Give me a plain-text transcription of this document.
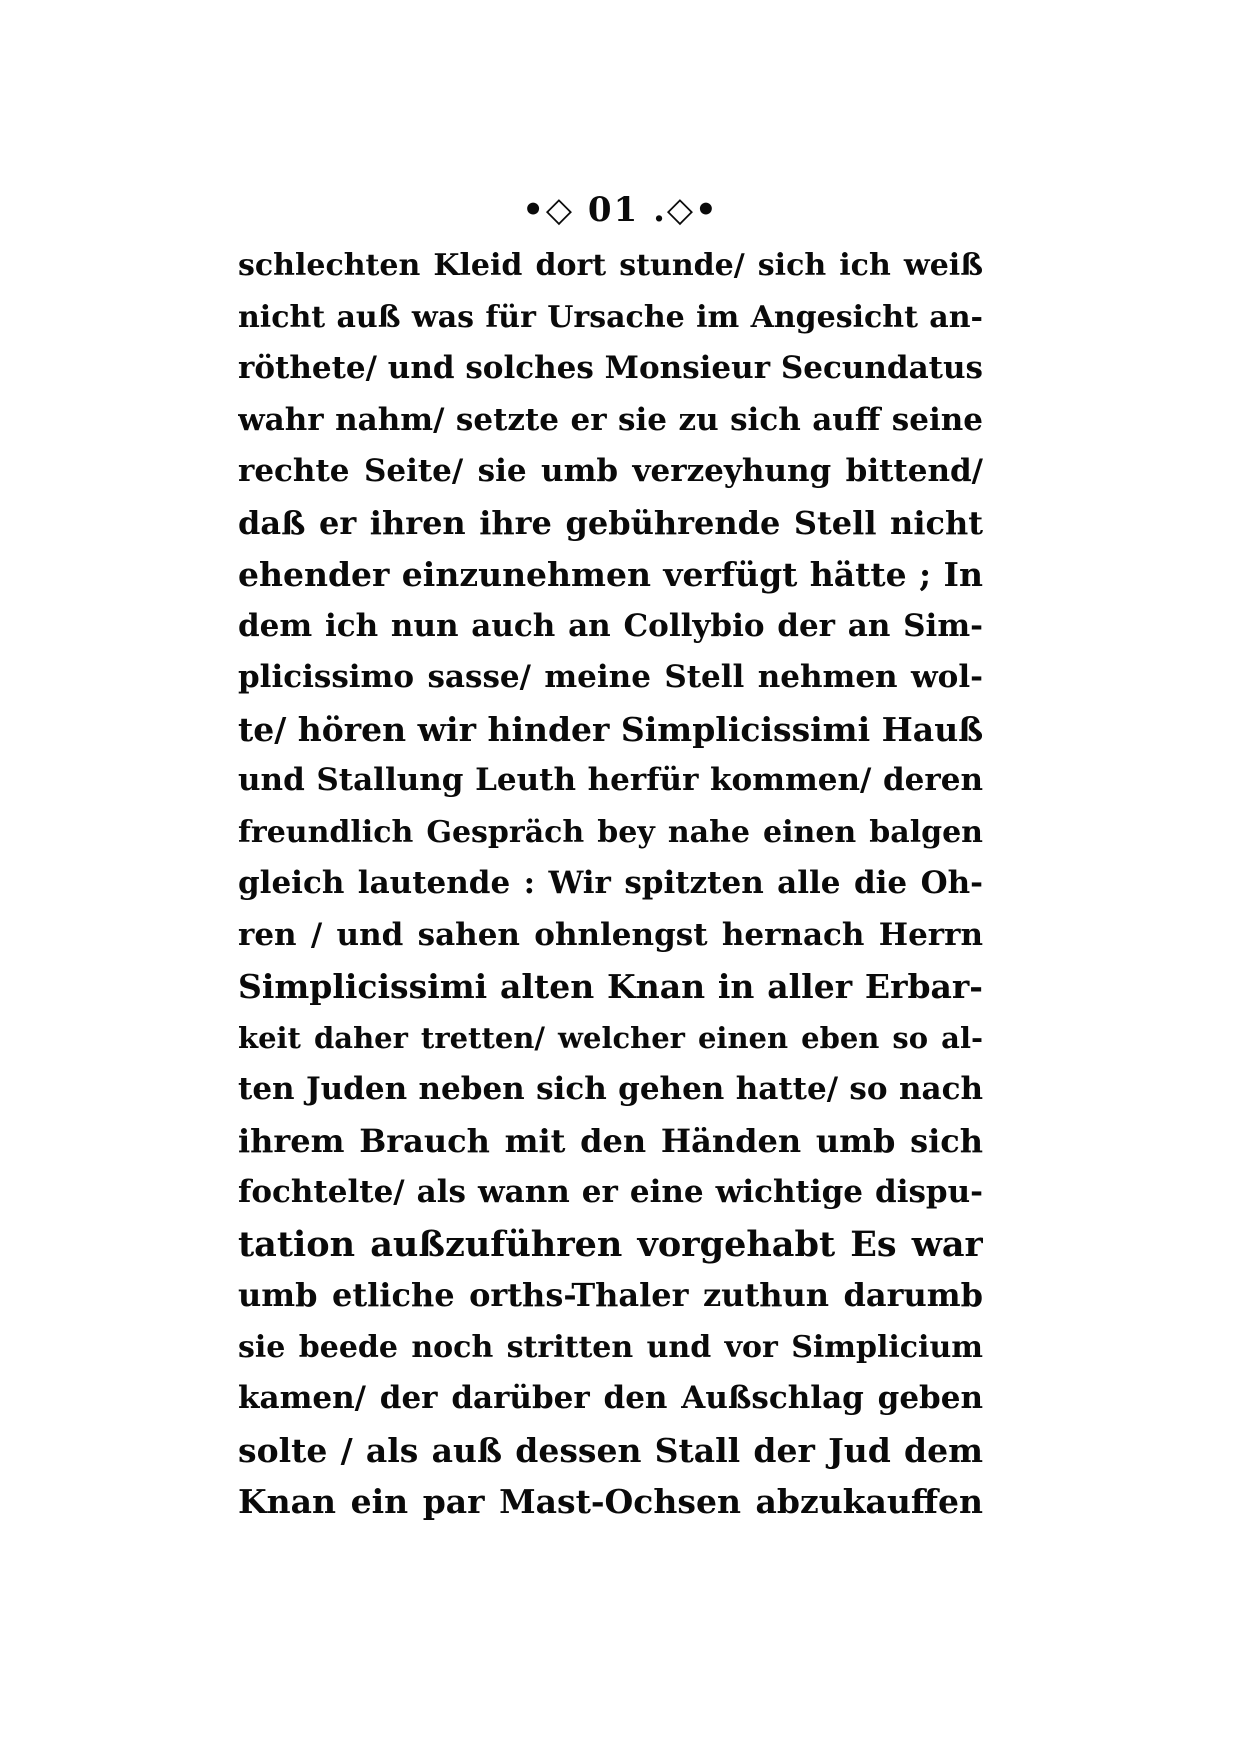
•◇ 01 .◇•
schlechten Kleid dort stunde/ sich ich weiß
nicht auß was für Ursache im Angesicht an-
röthete/ und solches Monsieur Secundatus
wahr nahm/ setzte er sie zu sich auff seine
rechte Seite/ sie umb verzeyhung bittend/
daß er ihren ihre gebührende Stell nicht
ehender einzunehmen verfügt hätte ; In
dem ich nun auch an Collybio der an Sim-
plicissimo sasse/ meine Stell nehmen wol-
te/ hören wir hinder Simplicissimi Hauß
und Stallung Leuth herfür kommen/ deren
freundlich Gespräch bey nahe einen balgen
gleich lautende : Wir spitzten alle die Oh-
ren / und sahen ohnlengst hernach Herrn
Simplicissimi alten Knan in aller Erbar-
keit daher tretten/ welcher einen eben so al-
ten Juden neben sich gehen hatte/ so nach
ihrem Brauch mit den Händen umb sich
fochtelte/ als wann er eine wichtige dispu-
tation außzuführen vorgehabt Es war
umb etliche orths-Thaler zuthun darumb
sie beede noch stritten und vor Simplicium
kamen/ der darüber den Außschlag geben
solte / als auß dessen Stall der Jud dem
Knan ein par Mast-Ochsen abzukauffen
